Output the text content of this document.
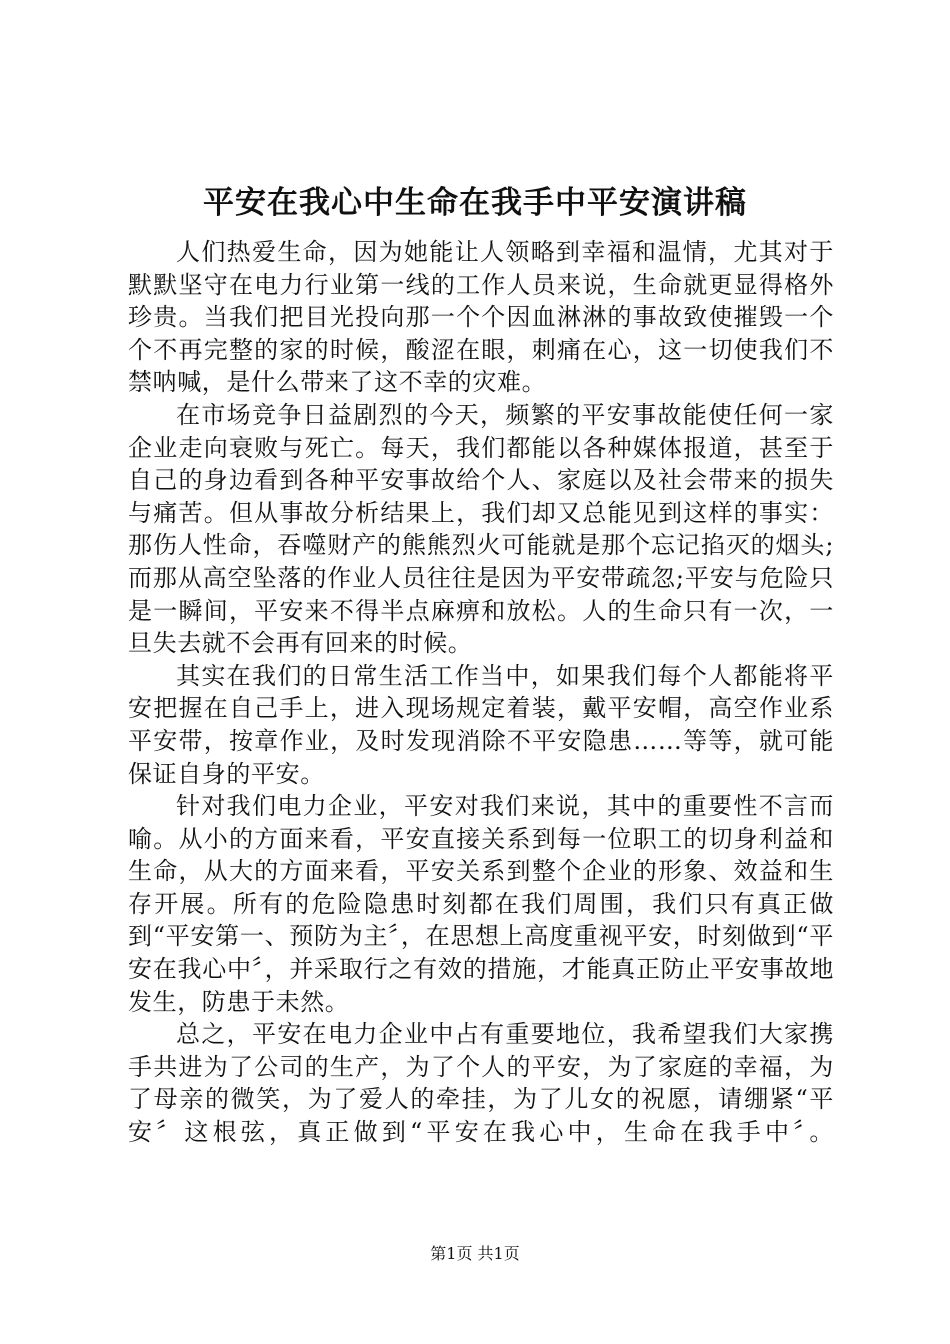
平安在我心中生命在我手中平安演讲稿

人们热爱生命，因为她能让人领略到幸福和温情，尤其对于默默坚守在电力行业第一线的工作人员来说，生命就更显得格外珍贵。当我们把目光投向那一个个因血淋淋的事故致使摧毁一个个不再完整的家的时候，酸涩在眼，刺痛在心，这一切使我们不禁呐喊，是什么带来了这不幸的灾难。

在市场竞争日益剧烈的今天，频繁的平安事故能使任何一家企业走向衰败与死亡。每天，我们都能以各种媒体报道，甚至于自己的身边看到各种平安事故给个人、家庭以及社会带来的损失与痛苦。但从事故分析结果上，我们却又总能见到这样的事实：那伤人性命，吞噬财产的熊熊烈火可能就是那个忘记掐灭的烟头;而那从高空坠落的作业人员往往是因为平安带疏忽;平安与危险只是一瞬间，平安来不得半点麻痹和放松。人的生命只有一次，一旦失去就不会再有回来的时候。

其实在我们的日常生活工作当中，如果我们每个人都能将平安把握在自己手上，进入现场规定着装，戴平安帽，高空作业系平安带，按章作业，及时发现消除不平安隐患……等等，就可能保证自身的平安。

针对我们电力企业，平安对我们来说，其中的重要性不言而喻。从小的方面来看，平安直接关系到每一位职工的切身利益和生命，从大的方面来看，平安关系到整个企业的形象、效益和生存开展。所有的危险隐患时刻都在我们周围，我们只有真正做到“平安第一、预防为主〞，在思想上高度重视平安，时刻做到“平安在我心中〞，并采取行之有效的措施，才能真正防止平安事故地发生，防患于未然。

总之，平安在电力企业中占有重要地位，我希望我们大家携手共进为了公司的生产，为了个人的平安，为了家庭的幸福，为了母亲的微笑，为了爱人的牵挂，为了儿女的祝愿，请绷紧“平安〞这根弦，真正做到“平安在我心中，生命在我手中〞。

第1页 共1页
